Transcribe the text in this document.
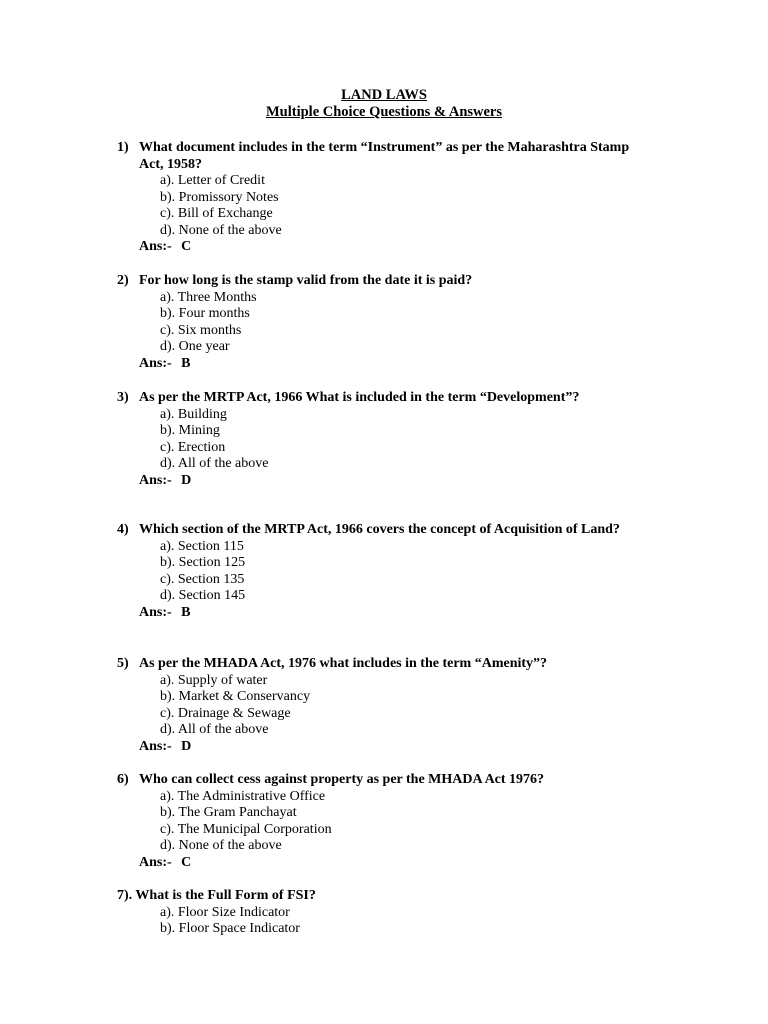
LAND LAWS
Multiple Choice Questions & Answers
1) What document includes in the term “Instrument” as per the Maharashtra Stamp Act, 1958?
a). Letter of Credit
b). Promissory Notes
c). Bill of Exchange
d). None of the above
Ans:- C
2) For how long is the stamp valid from the date it is paid?
a). Three Months
b). Four months
c). Six months
d). One year
Ans:- B
3) As per the MRTP Act, 1966 What is included in the term “Development”?
a). Building
b). Mining
c). Erection
d). All of the above
Ans:- D
4) Which section of the MRTP Act, 1966 covers the concept of Acquisition of Land?
a). Section 115
b). Section 125
c). Section 135
d). Section 145
Ans:- B
5) As per the MHADA Act, 1976 what includes in the term “Amenity”?
a). Supply of water
b). Market & Conservancy
c). Drainage & Sewage
d). All of the above
Ans:- D
6) Who can collect cess against property as per the MHADA Act 1976?
a). The Administrative Office
b). The Gram Panchayat
c). The Municipal Corporation
d). None of the above
Ans:- C
7). What is the Full Form of FSI?
a). Floor Size Indicator
b). Floor Space Indicator
